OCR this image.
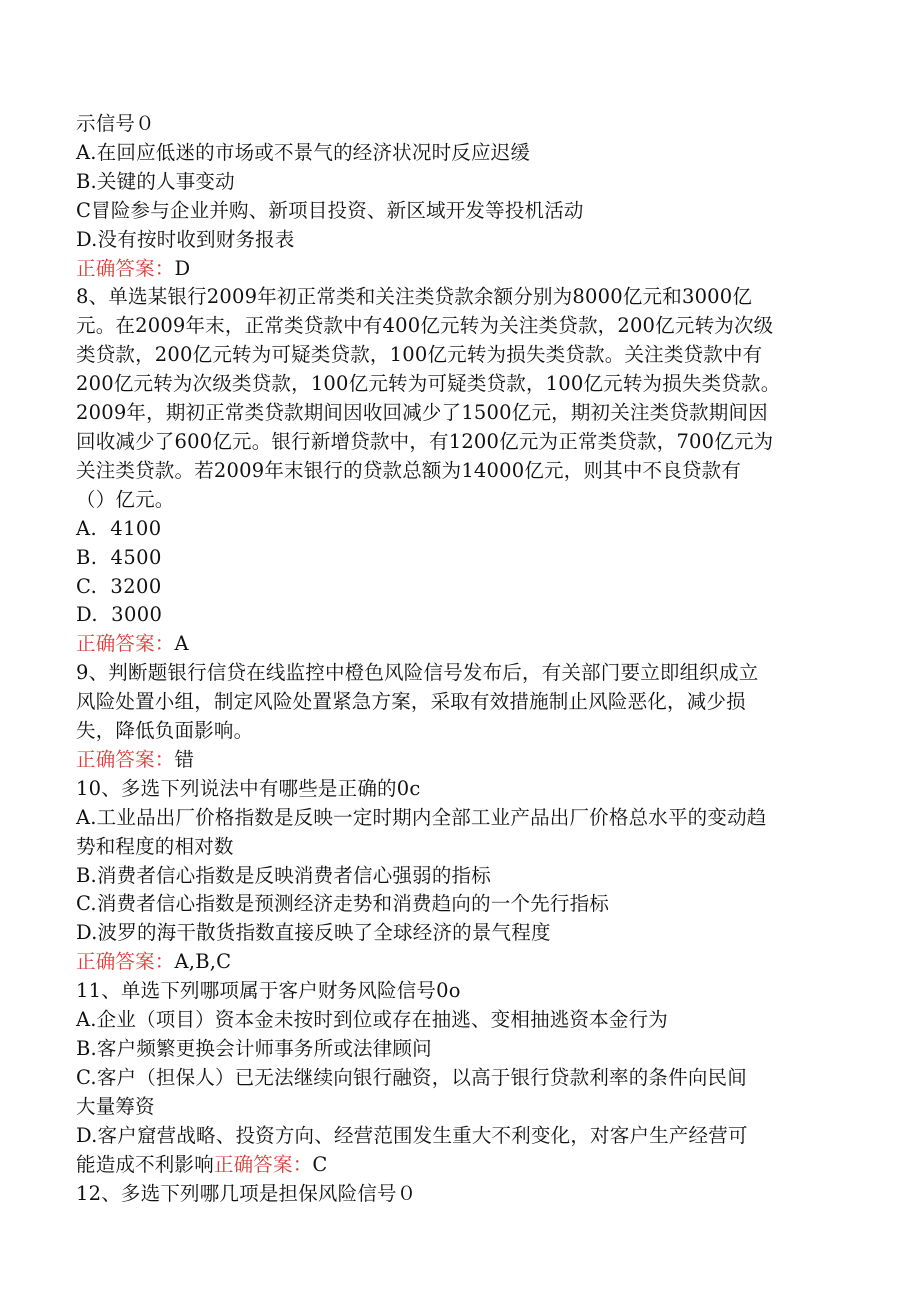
示信号０
A.在回应低迷的市场或不景气的经济状况时反应迟缓
B.关键的人事变动
C冒险参与企业并购、新项目投资、新区域开发等投机活动
D.没有按时收到财务报表
正确答案：D
8、单选某银行2009年初正常类和关注类贷款余额分别为8000亿元和3000亿
元。在2009年末，正常类贷款中有400亿元转为关注类贷款，200亿元转为次级
类贷款，200亿元转为可疑类贷款，100亿元转为损失类贷款。关注类贷款中有
200亿元转为次级类贷款，100亿元转为可疑类贷款，100亿元转为损失类贷款。
2009年，期初正常类贷款期间因收回减少了1500亿元，期初关注类贷款期间因
回收减少了600亿元。银行新增贷款中，有1200亿元为正常类贷款，700亿元为
关注类贷款。若2009年末银行的贷款总额为14000亿元，则其中不良贷款有
（）亿元。
A.  4100
B.  4500
C.  3200
D.  3000
正确答案：A
9、判断题银行信贷在线监控中橙色风险信号发布后，有关部门要立即组织成立
风险处置小组，制定风险处置紧急方案，采取有效措施制止风险恶化，减少损
失，降低负面影响。
正确答案：错
10、多选下列说法中有哪些是正确的0c
A.工业品出厂价格指数是反映一定时期内全部工业产品出厂价格总水平的变动趋
势和程度的相对数
B.消费者信心指数是反映消费者信心强弱的指标
C.消费者信心指数是预测经济走势和消费趋向的一个先行指标
D.波罗的海干散货指数直接反映了全球经济的景气程度
正确答案：A,B,C
11、单选下列哪项属于客户财务风险信号0o
A.企业（项目）资本金未按时到位或存在抽逃、变相抽逃资本金行为
B.客户频繁更换会计师事务所或法律顾问
C.客户（担保人）已无法继续向银行融资，以高于银行贷款利率的条件向民间
大量筹资
D.客户窟营战略、投资方向、经营范围发生重大不利变化，对客户生产经营可
能造成不利影响正确答案：C
12、多选下列哪几项是担保风险信号０
